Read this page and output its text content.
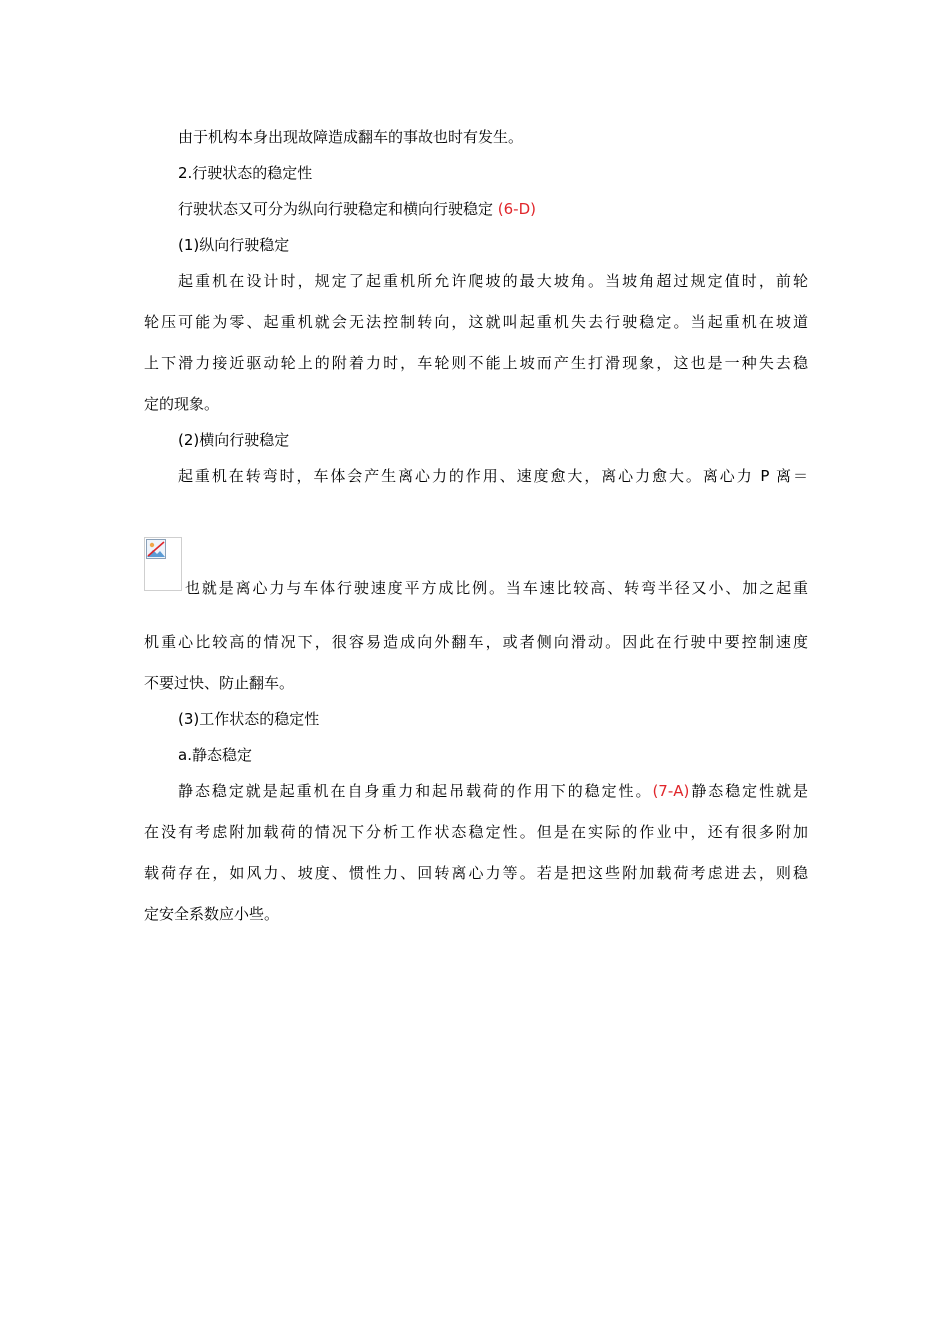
由于机构本身出现故障造成翻车的事故也时有发生。
2.行驶状态的稳定性
行驶状态又可分为纵向行驶稳定和横向行驶稳定 (6-D)
(1)纵向行驶稳定
起重机在设计时，规定了起重机所允许爬坡的最大坡角。当坡角超过规定值时，前轮
轮压可能为零、起重机就会无法控制转向，这就叫起重机失去行驶稳定。当起重机在坡道
上下滑力接近驱动轮上的附着力时，车轮则不能上坡而产生打滑现象，这也是一种失去稳
定的现象。
(2)横向行驶稳定
起重机在转弯时，车体会产生离心力的作用、速度愈大，离心力愈大。离心力 P 离＝
也就是离心力与车体行驶速度平方成比例。当车速比较高、转弯半径又小、加之起重
机重心比较高的情况下，很容易造成向外翻车，或者侧向滑动。因此在行驶中要控制速度
不要过快、防止翻车。
(3)工作状态的稳定性
a.静态稳定
静态稳定就是起重机在自身重力和起吊载荷的作用下的稳定性。(7-A)静态稳定性就是
在没有考虑附加载荷的情况下分析工作状态稳定性。但是在实际的作业中，还有很多附加
载荷存在，如风力、坡度、惯性力、回转离心力等。若是把这些附加载荷考虑进去，则稳
定安全系数应小些。
